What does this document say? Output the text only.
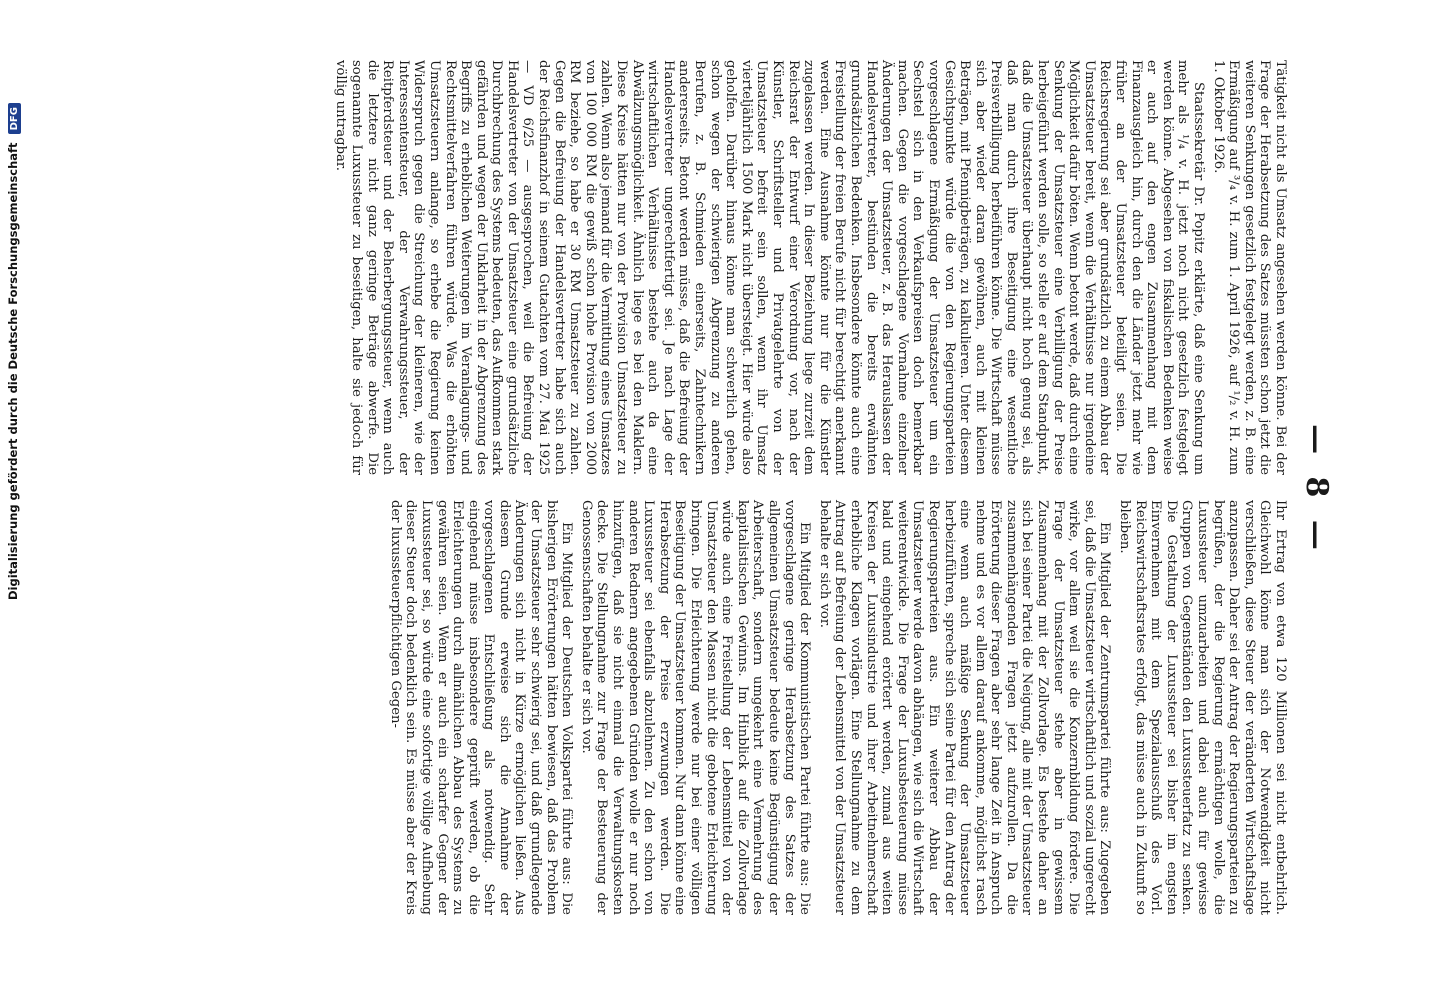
— 8 —

Tätigkeit nicht als Umsatz angesehen werden könne. Bei der Frage der Herabsetzung des Satzes müssten schon jetzt die weiteren Senkungen gesetzlich festgelegt werden, z. B. eine Ermäßigung auf ³/₄ v. H. zum 1. April 1926, auf ¹/₂ v. H. zum 1. Oktober 1926.

Staatssekretär Dr. Popitz erklärte, daß eine Senkung um mehr als ¹/₄ v. H. jetzt noch nicht gesetzlich festgelegt werden könne. Abgesehen von fiskalischen Bedenken weise er auch auf den engen Zusammenhang mit dem Finanzausgleich hin, durch den die Länder jetzt mehr wie früher an der Umsatzsteuer beteiligt seien. Die Reichsregierung sei aber grundsätzlich zu einem Abbau der Umsatzsteuer bereit, wenn die Verhältnisse nur irgendeine Möglichkeit dafür böten. Wenn betont werde, daß durch eine Senkung der Umsatzsteuer eine Verbilligung der Preise herbeigeführt werden solle, so stelle er auf dem Standpunkt, daß die Umsatzsteuer überhaupt nicht hoch genug sei, als daß man durch ihre Beseitigung eine wesentliche Preisverbilligung herbeiführen könne. Die Wirtschaft müsse sich aber wieder daran gewöhnen, auch mit kleinen Beträgen, mit Pfennigbeträgen, zu kalkulieren. Unter diesem Gesichtspunkte würde die von den Regierungsparteien vorgeschlagene Ermäßigung der Umsatzsteuer um ein Sechstel sich in den Verkaufspreisen doch bemerkbar machen. Gegen die vorgeschlagene Vornahme einzelner Änderungen der Umsatzsteuer, z. B. das Herauslassen der Handelsvertreter, bestünden die bereits erwähnten grundsätzlichen Bedenken. Insbesondere könnte auch eine Freistellung der freien Berufe nicht für berechtigt anerkannt werden. Eine Ausnahme könnte nur für die Künstler zugelassen werden. In dieser Beziehung liege zurzeit dem Reichsrat der Entwurf einer Verordnung vor, nach der Künstler, Schriftsteller und Privatgelehrte von der Umsatzsteuer befreit sein sollen, wenn ihr Umsatz vierteljährlich 1500 Mark nicht übersteigt. Hier würde also geholfen. Darüber hinaus könne man schwerlich gehen, schon wegen der schwierigen Abgrenzung zu anderen Berufen, z. B. Schmieden einerseits, Zahntechnikern andererseits. Betont werden müsse, daß die Befreiung der Handelsvertreter ungerechtfertigt sei. Je nach Lage der wirtschaftlichen Verhältnisse bestehe auch da eine Abwälzungsmöglichkeit. Ähnlich liege es bei den Maklern. Diese Kreise hätten nur von der Provision Umsatzsteuer zu zahlen. Wenn also jemand für die Vermittlung eines Umsatzes von 100 000 RM die gewiß schon hohe Provision von 2000 RM beziehe, so habe er 30 RM Umsatzsteuer zu zahlen. Gegen die Befreiung der Handelsvertreter habe sich auch der Reichsfinanzhof in seinem Gutachten vom 27. Mai 1925 — VD 6/25 — ausgesprochen, weil die Befreiung der Handelsvertreter von der Umsatzsteuer eine grundsätzliche Durchbrechung des Systems bedeuten, das Aufkommen stark gefährden und wegen der Unklarheit in der Abgrenzung des Begriffs zu erheblichen Weiterungen im Veranlagungs- und Rechtsmittelverfahren führen würde. Was die erhöhten Umsatzsteuern anlange, so erhebe die Regierung keinen Widerspruch gegen die Streichung der kleineren, wie der Interessentensteuer, der Verwahrungssteuer, der Reitpferdsteuer und der Beherbergungssteuer, wenn auch die letztere nicht ganz geringe Beträge abwerfe. Die sogenannte Luxussteuer zu beseitigen, halte sie jedoch für völlig untragbar.

Ihr Ertrag von etwa 120 Millionen sei nicht entbehrlich. Gleichwohl könne man sich der Notwendigkeit nicht verschließen, diese Steuer der veränderten Wirtschaftslage anzupassen. Daher sei der Antrag der Regierungsparteien zu begrüßen, der die Regierung ermächtigen wolle, die Luxussteuer umzuarbeiten und dabei auch für gewisse Gruppen von Gegenständen den Luxussteuerfatz zu senken. Die Gestaltung der Luxussteuer sei bisher im engsten Einvernehmen mit dem Spezialausschuß des Vorl. Reichswirtschaftsrates erfolgt, das müsse auch in Zukunft so bleiben.

Ein Mitglied der Zentrumspartei führte aus: Zugegeben sei, daß die Umsatzsteuer wirtschaftlich und sozial ungerecht wirke, vor allem weil sie die Konzernbildung fördere. Die Frage der Umsatzsteuer stehe aber in gewissem Zusammenhang mit der Zollvorlage. Es bestehe daher an sich bei seiner Partei die Neigung, alle mit der Umsatzsteuer zusammenhängenden Fragen jetzt aufzurollen. Da die Erörterung dieser Fragen aber sehr lange Zeit in Anspruch nehme und es vor allem darauf ankomme, möglichst rasch eine wenn auch mäßige Senkung der Umsatzsteuer herbeizuführen, spreche sich seine Partei für den Antrag der Regierungsparteien aus. Ein weiterer Abbau der Umsatzsteuer werde davon abhängen, wie sich die Wirtschaft weiterentwickle. Die Frage der Luxusbesteuerung müsse bald und eingehend erörtert werden, zumal aus weiten Kreisen der Luxusindustrie und ihrer Arbeitnehmerschaft erhebliche Klagen vorlägen. Eine Stellungnahme zu dem Antrag auf Befreiung der Lebensmittel von der Umsatzsteuer behalte er sich vor.

Ein Mitglied der Kommunistischen Partei führte aus: Die vorgeschlagene geringe Herabsetzung des Satzes der allgemeinen Umsatzsteuer bedeute keine Begünstigung der Arbeiterschaft, sondern umgekehrt eine Vermehrung des kapitalistischen Gewinns. Im Hinblick auf die Zollvorlage würde auch eine Freistellung der Lebensmittel von der Umsatzsteuer den Massen nicht die gebotene Erleichterung bringen. Die Erleichterung werde nur bei einer völligen Beseitigung der Umsatzsteuer kommen. Nur dann könne eine Herabsetzung der Preise erzwungen werden. Die Luxussteuer sei ebenfalls abzulehnen. Zu den schon von anderen Rednern angegebenen Gründen wolle er nur noch hinzufügen, daß sie nicht einmal die Verwaltungskosten decke. Die Stellungnahme zur Frage der Besteuerung der Genossenschaften behalte er sich vor.

Ein Mitglied der Deutschen Volkspartei führte aus: Die bisherigen Erörterungen hätten bewiesen, daß das Problem der Umsatzsteuer sehr schwierig sei, und daß grundlegende Änderungen sich nicht in Kürze ermöglichen ließen. Aus diesem Grunde erweise sich die Annahme der vorgeschlagenen Entschließung als notwendig. Sehr eingehend müsse insbesondere geprüft werden, ob die Erleichterungen durch allmählichen Abbau des Systems zu gewähren seien. Wenn er auch ein scharfer Gegner der Luxussteuer sei, so würde eine sofortige völlige Aufhebung dieser Steuer doch bedenklich sein. Es müsse aber der Kreis der luxussteuerpflichtigen Gegen-

Digitalisierung gefördert durch die Deutsche Forschungsgemeinschaft DFG
